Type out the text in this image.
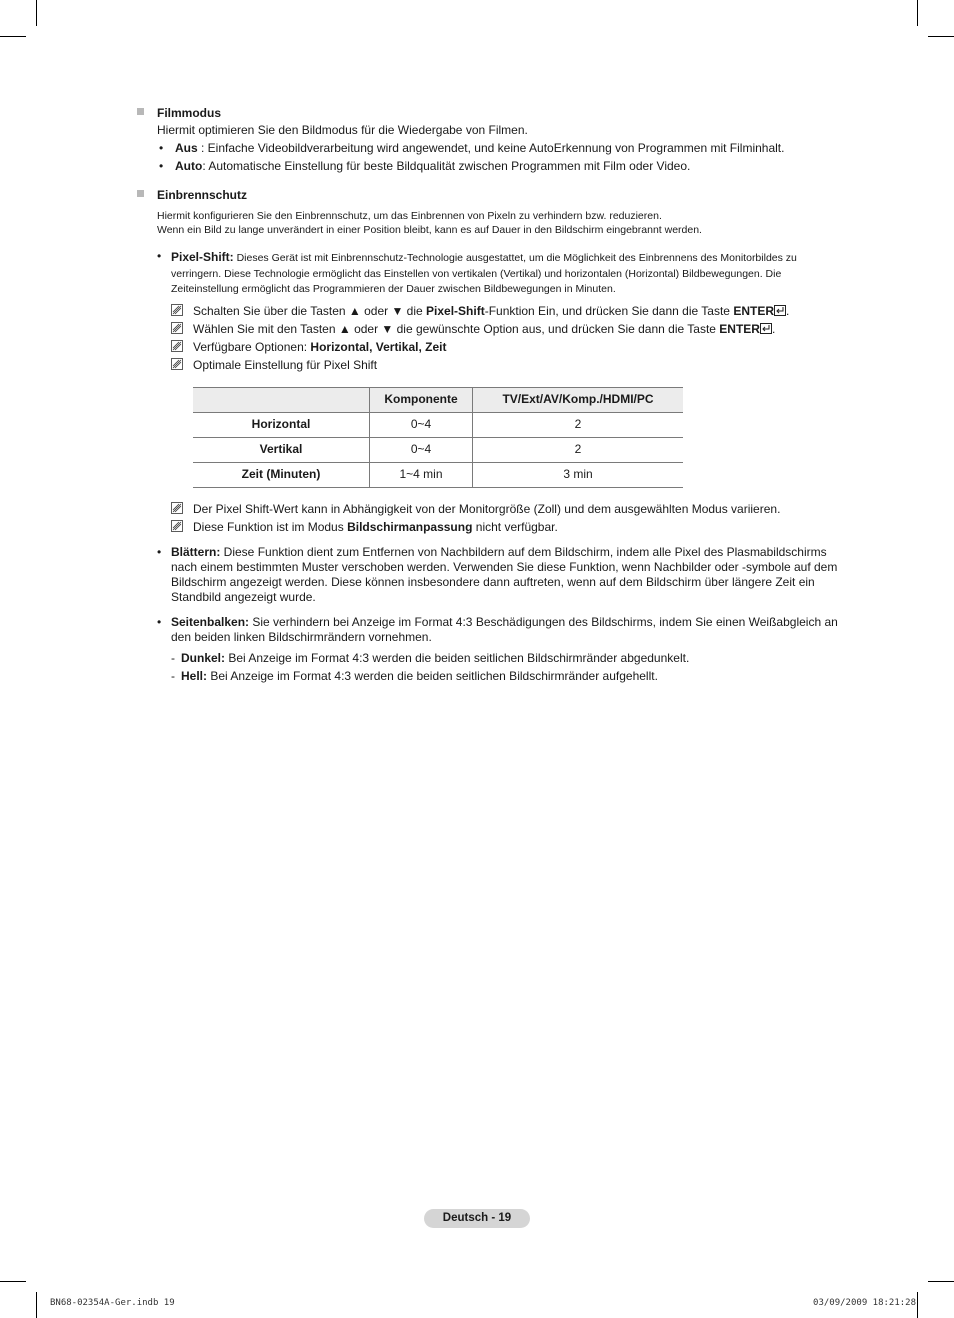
Filmmodus

Hiermit optimieren Sie den Bildmodus für die Wiedergabe von Filmen.

• Aus : Einfache Videobildverarbeitung wird angewendet, und keine AutoErkennung von Programmen mit Filminhalt.
• Auto: Automatische Einstellung für beste Bildqualität zwischen Programmen mit Film oder Video.

Einbrennschutz

Hiermit konfigurieren Sie den Einbrennschutz, um das Einbrennen von Pixeln zu verhindern bzw. reduzieren.
Wenn ein Bild zu lange unverändert in einer Position bleibt, kann es auf Dauer in den Bildschirm eingebrannt werden.

• Pixel-Shift: Dieses Gerät ist mit Einbrennschutz-Technologie ausgestattet, um die Möglichkeit des Einbrennens des Monitorbildes zu verringern. Diese Technologie ermöglicht das Einstellen von vertikalen (Vertikal) und horizontalen (Horizontal) Bildbewegungen. Die Zeiteinstellung ermöglicht das Programmieren der Dauer zwischen Bildbewegungen in Minuten.
Schalten Sie über die Tasten ▲ oder ▼ die Pixel-Shift-Funktion Ein, und drücken Sie dann die Taste ENTER .
Wählen Sie mit den Tasten ▲ oder ▼ die gewünschte Option aus, und drücken Sie dann die Taste ENTER .
Verfügbare Optionen: Horizontal, Vertikal, Zeit
Optimale Einstellung für Pixel Shift
	Komponente	TV/Ext/AV/Komp./HDMI/PC
Horizontal	0~4	2
Vertikal	0~4	2
Zeit (Minuten)	1~4 min	3 min
Der Pixel Shift-Wert kann in Abhängigkeit von der Monitorgröße (Zoll) und dem ausgewählten Modus variieren.
Diese Funktion ist im Modus Bildschirmanpassung nicht verfügbar.
• Blättern: Diese Funktion dient zum Entfernen von Nachbildern auf dem Bildschirm, indem alle Pixel des Plasmabildschirms nach einem bestimmten Muster verschoben werden. Verwenden Sie diese Funktion, wenn Nachbilder oder -symbole auf dem Bildschirm angezeigt werden. Diese können insbesondere dann auftreten, wenn auf dem Bildschirm über längere Zeit ein Standbild angezeigt wurde.
• Seitenbalken: Sie verhindern bei Anzeige im Format 4:3 Beschädigungen des Bildschirms, indem Sie einen Weißabgleich an den beiden linken Bildschirmrändern vornehmen.
- Dunkel: Bei Anzeige im Format 4:3 werden die beiden seitlichen Bildschirmränder abgedunkelt.
- Hell: Bei Anzeige im Format 4:3 werden die beiden seitlichen Bildschirmränder aufgehellt.
Deutsch - 19
BN68-02354A-Ger.indb 19	03/09/2009 18:21:28
